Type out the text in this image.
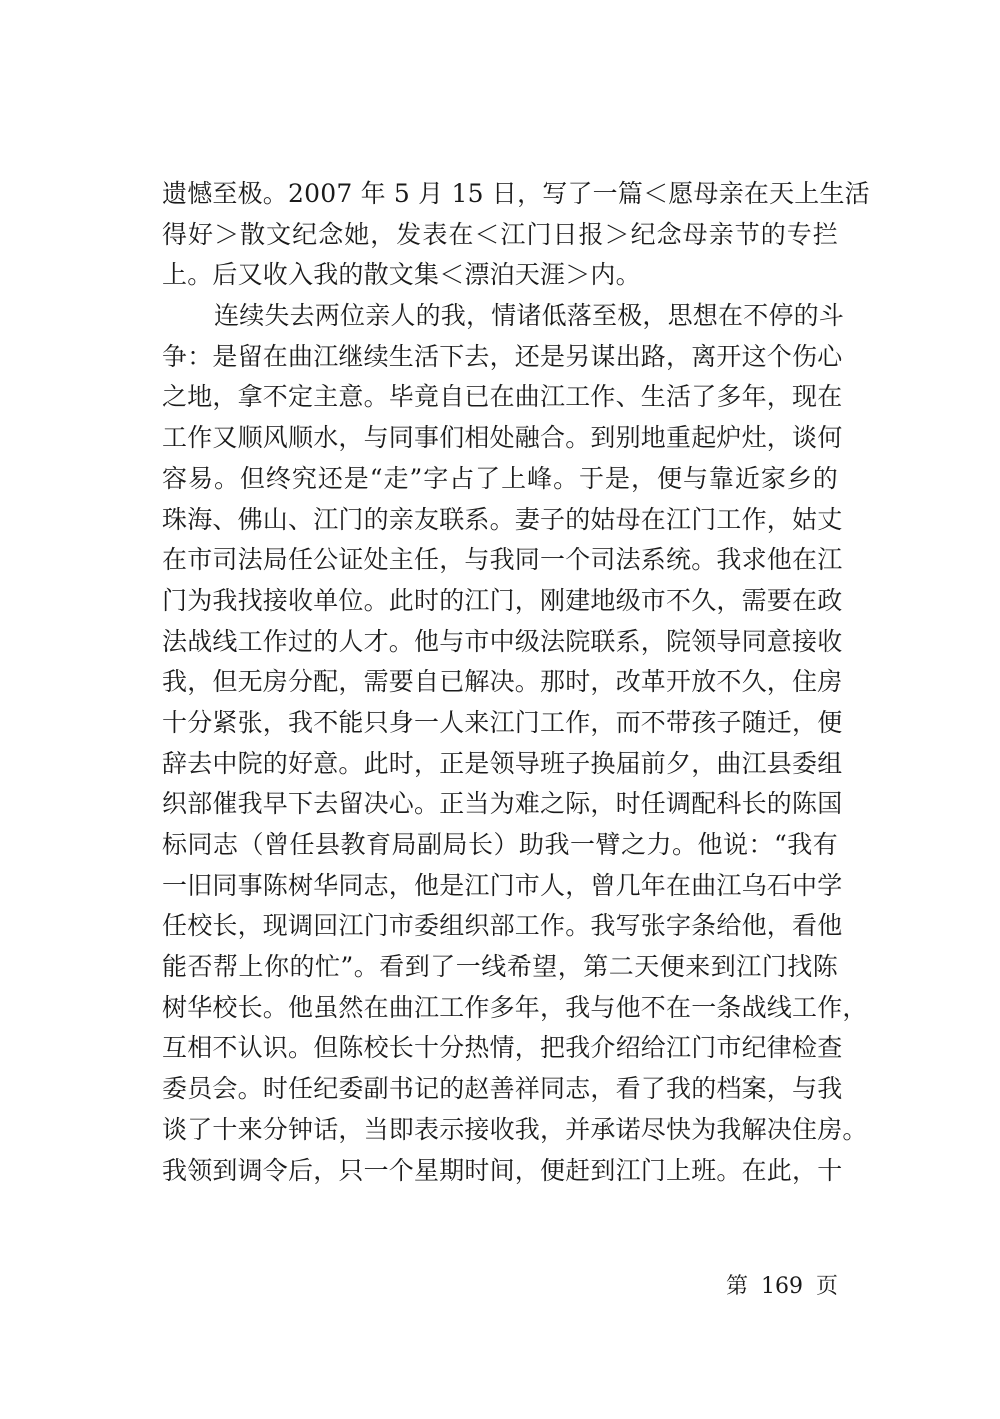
遗憾至极。2007 年 5 月 15 日，写了一篇＜愿母亲在天上生活
得好＞散文纪念她，发表在＜江门日报＞纪念母亲节的专拦
上。后又收入我的散文集＜漂泊天涯＞内。
连续失去两位亲人的我，情诸低落至极，思想在不停的斗
争：是留在曲江继续生活下去，还是另谋出路，离开这个伤心
之地，拿不定主意。毕竟自已在曲江工作、生活了多年，现在
工作又顺风顺水，与同事们相处融合。到别地重起炉灶，谈何
容易。但终究还是“走”字占了上峰。于是，便与靠近家乡的
珠海、佛山、江门的亲友联系。妻子的姑母在江门工作，姑丈
在市司法局任公证处主任，与我同一个司法系统。我求他在江
门为我找接收单位。此时的江门，刚建地级市不久，需要在政
法战线工作过的人才。他与市中级法院联系，院领导同意接收
我，但无房分配，需要自已解决。那时，改革开放不久，住房
十分紧张，我不能只身一人来江门工作，而不带孩子随迁，便
辞去中院的好意。此时，正是领导班子换届前夕，曲江县委组
织部催我早下去留决心。正当为难之际，时任调配科长的陈国
标同志（曾任县教育局副局长）助我一臂之力。他说：“我有
一旧同事陈树华同志，他是江门市人，曾几年在曲江乌石中学
任校长，现调回江门市委组织部工作。我写张字条给他，看他
能否帮上你的忙”。看到了一线希望，第二天便来到江门找陈
树华校长。他虽然在曲江工作多年，我与他不在一条战线工作，
互相不认识。但陈校长十分热情，把我介绍给江门市纪律检查
委员会。时任纪委副书记的赵善祥同志，看了我的档案，与我
谈了十来分钟话，当即表示接收我，并承诺尽快为我解决住房。
我领到调令后，只一个星期时间，便赶到江门上班。在此，十
第 169 页
